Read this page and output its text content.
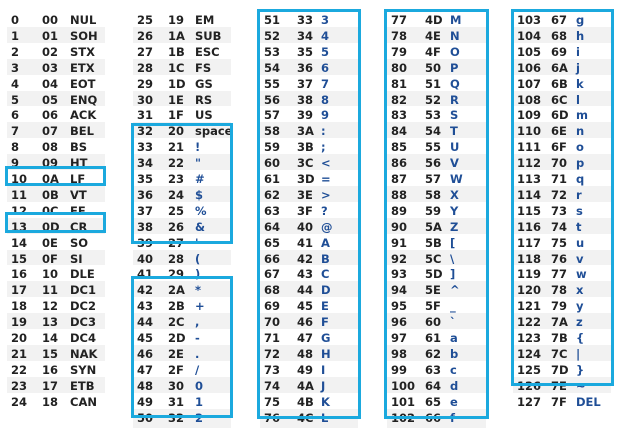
0 00 NUL
1 01 SOH
2 02 STX
3 03 ETX
4 04 EOT
5 05 ENQ
6 06 ACK
7 07 BEL
8 08 BS
9 09 HT
10 0A LF
11 0B VT
12 0C FF
13 0D CR
14 0E SO
15 0F SI
16 10 DLE
17 11 DC1
18 12 DC2
19 13 DC3
20 14 DC4
21 15 NAK
22 16 SYN
23 17 ETB
24 18 CAN
25 19 EM
26 1A SUB
27 1B ESC
28 1C FS
29 1D GS
30 1E RS
31 1F US
32 20 space
33 21 !
34 22 "
35 23 #
36 24 $
37 25 %
38 26 &
39 27 '
40 28 (
41 29 )
42 2A *
43 2B +
44 2C ,
45 2D -
46 2E .
47 2F /
48 30 0
49 31 1
50 32 2
51 33 3
52 34 4
53 35 5
54 36 6
55 37 7
56 38 8
57 39 9
58 3A :
59 3B ;
60 3C <
61 3D =
62 3E >
63 3F ?
64 40 @
65 41 A
66 42 B
67 43 C
68 44 D
69 45 E
70 46 F
71 47 G
72 48 H
73 49 I
74 4A J
75 4B K
76 4C L
77 4D M
78 4E N
79 4F O
80 50 P
81 51 Q
82 52 R
83 53 S
84 54 T
85 55 U
86 56 V
87 57 W
88 58 X
89 59 Y
90 5A Z
91 5B [
92 5C \
93 5D ]
94 5E ^
95 5F _
96 60 `
97 61 a
98 62 b
99 63 c
100 64 d
101 65 e
102 66 f
103 67 g
104 68 h
105 69 i
106 6A j
107 6B k
108 6C l
109 6D m
110 6E n
111 6F o
112 70 p
113 71 q
114 72 r
115 73 s
116 74 t
117 75 u
118 76 v
119 77 w
120 78 x
121 79 y
122 7A z
123 7B {
124 7C |
125 7D }
126 7E ~
127 7F DEL
